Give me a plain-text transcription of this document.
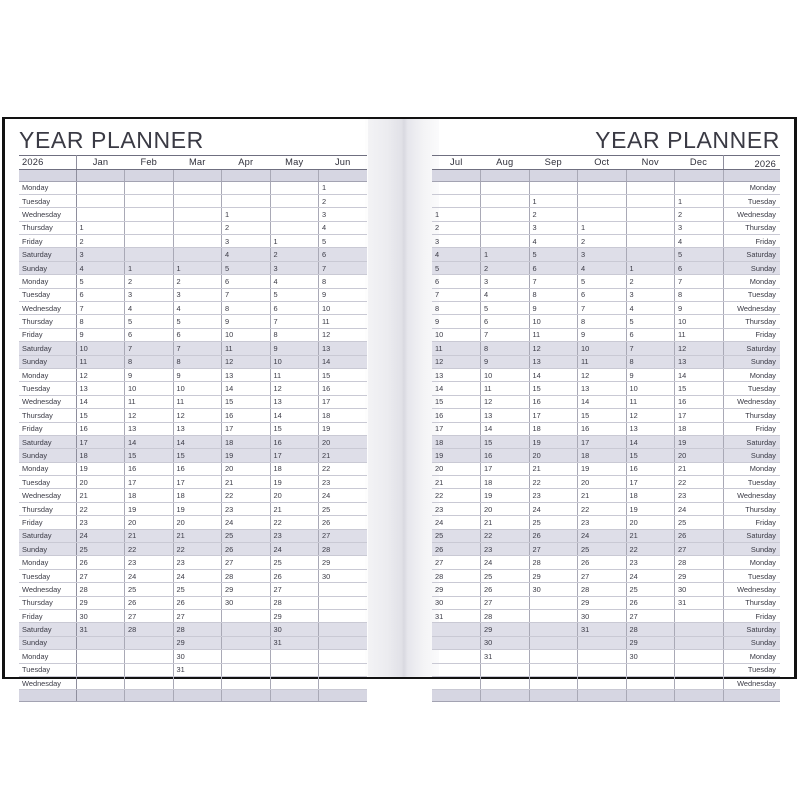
YEAR PLANNER
2026	Jan	Feb	Mar	Apr	May	Jun

Monday						1
Tuesday						2
Wednesday				1		3
Thursday	1			2		4
Friday	2			3	1	5
Saturday	3			4	2	6
Sunday	4	1	1	5	3	7
Monday	5	2	2	6	4	8
Tuesday	6	3	3	7	5	9
Wednesday	7	4	4	8	6	10
Thursday	8	5	5	9	7	11
Friday	9	6	6	10	8	12
Saturday	10	7	7	11	9	13
Sunday	11	8	8	12	10	14
Monday	12	9	9	13	11	15
Tuesday	13	10	10	14	12	16
Wednesday	14	11	11	15	13	17
Thursday	15	12	12	16	14	18
Friday	16	13	13	17	15	19
Saturday	17	14	14	18	16	20
Sunday	18	15	15	19	17	21
Monday	19	16	16	20	18	22
Tuesday	20	17	17	21	19	23
Wednesday	21	18	18	22	20	24
Thursday	22	19	19	23	21	25
Friday	23	20	20	24	22	26
Saturday	24	21	21	25	23	27
Sunday	25	22	22	26	24	28
Monday	26	23	23	27	25	29
Tuesday	27	24	24	28	26	30
Wednesday	28	25	25	29	27	
Thursday	29	26	26	30	28	
Friday	30	27	27		29	
Saturday	31	28	28		30	
Sunday			29		31	
Monday			30			
Tuesday			31			
Wednesday						

YEAR PLANNER
Jul	Aug	Sep	Oct	Nov	Dec	2026

						Monday
		1			1	Tuesday
1		2			2	Wednesday
2		3	1		3	Thursday
3		4	2		4	Friday
4	1	5	3		5	Saturday
5	2	6	4	1	6	Sunday
6	3	7	5	2	7	Monday
7	4	8	6	3	8	Tuesday
8	5	9	7	4	9	Wednesday
9	6	10	8	5	10	Thursday
10	7	11	9	6	11	Friday
11	8	12	10	7	12	Saturday
12	9	13	11	8	13	Sunday
13	10	14	12	9	14	Monday
14	11	15	13	10	15	Tuesday
15	12	16	14	11	16	Wednesday
16	13	17	15	12	17	Thursday
17	14	18	16	13	18	Friday
18	15	19	17	14	19	Saturday
19	16	20	18	15	20	Sunday
20	17	21	19	16	21	Monday
21	18	22	20	17	22	Tuesday
22	19	23	21	18	23	Wednesday
23	20	24	22	19	24	Thursday
24	21	25	23	20	25	Friday
25	22	26	24	21	26	Saturday
26	23	27	25	22	27	Sunday
27	24	28	26	23	28	Monday
28	25	29	27	24	29	Tuesday
29	26	30	28	25	30	Wednesday
30	27		29	26	31	Thursday
31	28		30	27		Friday
	29		31	28		Saturday
	30			29		Sunday
	31			30		Monday
						Tuesday
						Wednesday
